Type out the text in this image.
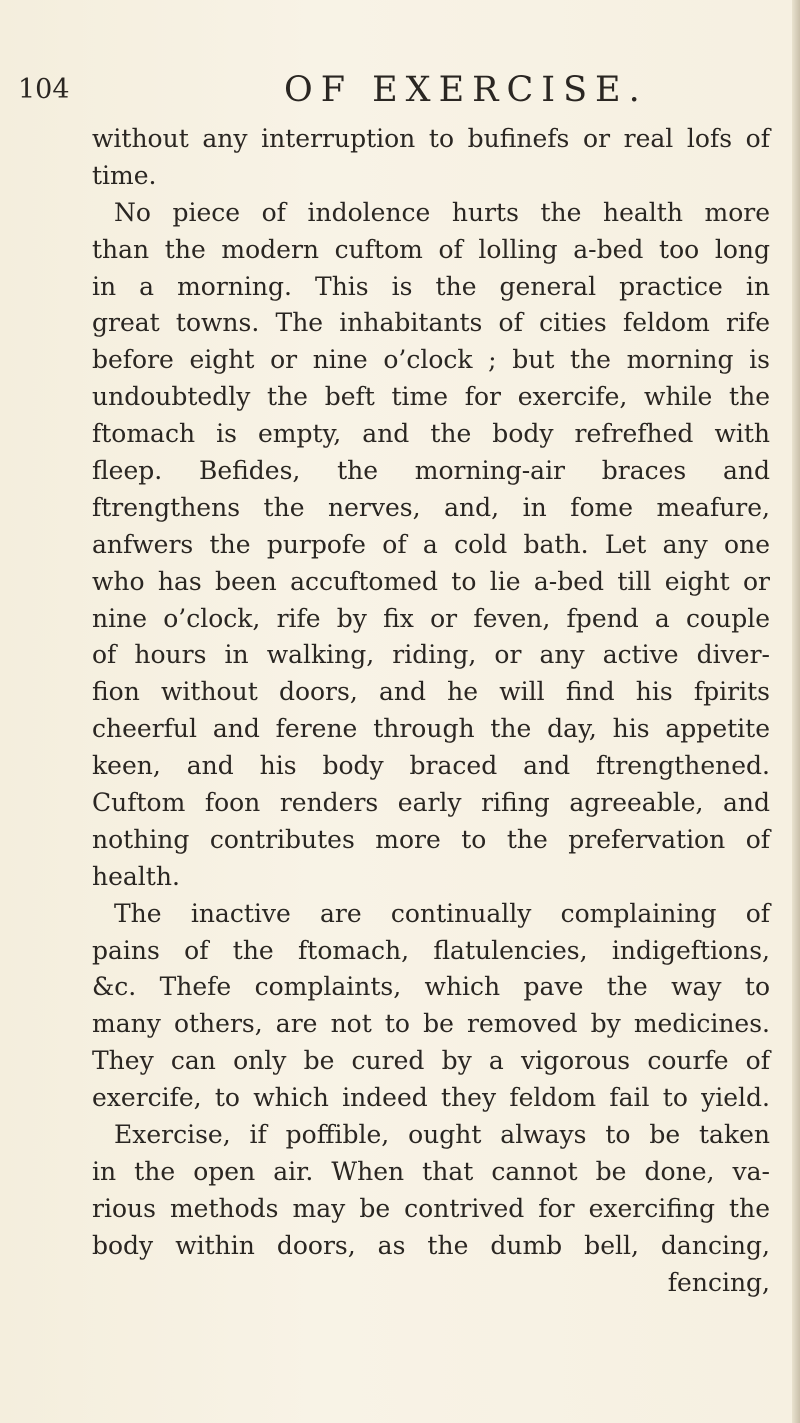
104	OF EXERCISE.
without any interruption to bufinefs or real lofs of
time.
No piece of indolence hurts the health more
than the modern cuftom of lolling a-bed too long
in a morning. This is the general practice in
great towns. The inhabitants of cities feldom rife
before eight or nine o’clock ; but the morning is
undoubtedly the beft time for exercife, while the
ftomach is empty, and the body refrefhed with
fleep. Befides, the morning-air braces and
ftrengthens the nerves, and, in fome meafure,
anfwers the purpofe of a cold bath. Let any one
who has been accuftomed to lie a-bed till eight or
nine o’clock, rife by fix or feven, fpend a couple
of hours in walking, riding, or any active diver-
fion without doors, and he will find his fpirits
cheerful and ferene through the day, his appetite
keen, and his body braced and ftrengthened.
Cuftom foon renders early rifing agreeable, and
nothing contributes more to the prefervation of
health.
The inactive are continually complaining of
pains of the ftomach, flatulencies, indigeftions,
&c. Thefe complaints, which pave the way to
many others, are not to be removed by medicines.
They can only be cured by a vigorous courfe of
exercife, to which indeed they feldom fail to yield.
Exercise, if poffible, ought always to be taken
in the open air. When that cannot be done, va-
rious methods may be contrived for exercifing the
body within doors, as the dumb bell, dancing,
fencing,
